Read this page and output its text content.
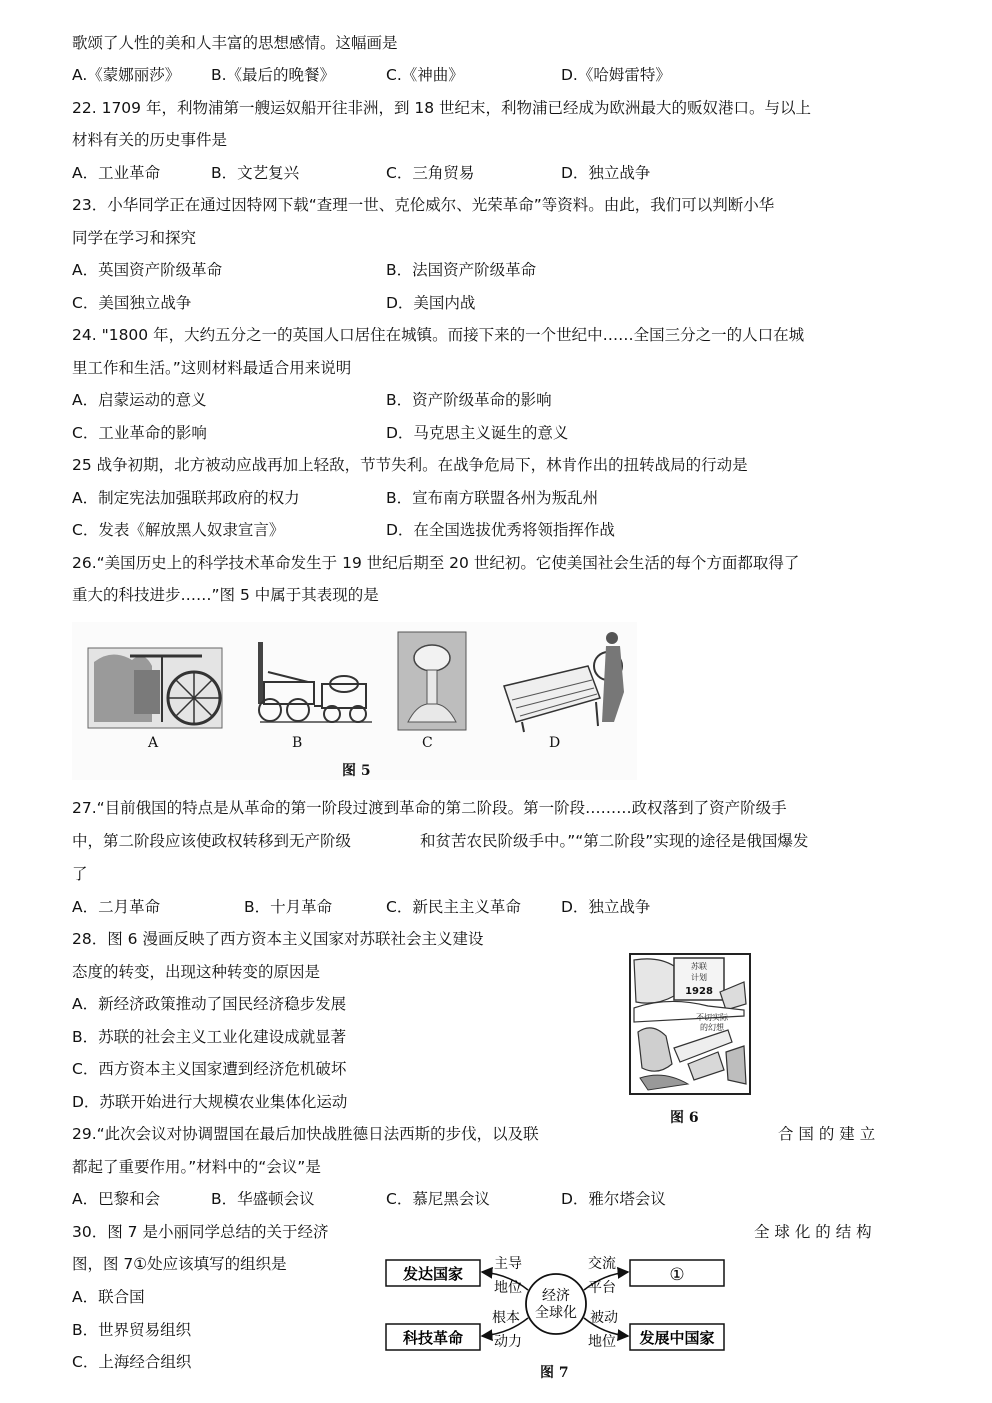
歌颂了人性的美和人丰富的思想感情。这幅画是
A.《蒙娜丽莎》 B.《最后的晚餐》	C.《神曲》	D.《哈姆雷特》
22. 1709 年，利物浦第一艘运奴船开往非洲，到 18 世纪末，利物浦已经成为欧洲最大的贩奴港口。与以上
材料有关的历史事件是
A．工业革命	B．文艺复兴	C．三角贸易	D．独立战争
23．小华同学正在通过因特网下载“查理一世、克伦威尔、光荣革命”等资料。由此，我们可以判断小华
同学在学习和探究
A．英国资产阶级革命	B．法国资产阶级革命
C．美国独立战争	D．美国内战
24. "1800 年，大约五分之一的英国人口居住在城镇。而接下来的一个世纪中……全国三分之一的人口在城
里工作和生活。”这则材料最适合用来说明
A．启蒙运动的意义	B．资产阶级革命的影响
C．工业革命的影响	D．马克思主义诞生的意义
25 战争初期，北方被动应战再加上轻敌，节节失利。在战争危局下，林肯作出的扭转战局的行动是
A．制定宪法加强联邦政府的权力	B．宣布南方联盟各州为叛乱州
C．发表《解放黑人奴隶宣言》	D．在全国选拔优秀将领指挥作战
26.“美国历史上的科学技术革命发生于 19 世纪后期至 20 世纪初。它使美国社会生活的每个方面都取得了
重大的科技进步……”图 5 中属于其表现的是
A	B	C	D
图 5
27.“目前俄国的特点是从革命的第一阶段过渡到革命的第二阶段。第一阶段………政权落到了资产阶级手
中，第二阶段应该使政权转移到无产阶级	和贫苦农民阶级手中。”“第二阶段”实现的途径是俄国爆发
了
A．二月革命	B．十月革命	C．新民主主义革命	D．独立战争
28．图 6 漫画反映了西方资本主义国家对苏联社会主义建设
态度的转变，出现这种转变的原因是
A．新经济政策推动了国民经济稳步发展
B．苏联的社会主义工业化建设成就显著
C．西方资本主义国家遭到经济危机破坏
D．苏联开始进行大规模农业集体化运动
苏联
计划
1928
不切实际
的幻想
图 6
29.“此次会议对协调盟国在最后加快战胜德日法西斯的步伐，以及联	合 国 的 建 立
都起了重要作用。”材料中的“会议”是
A．巴黎和会	B．华盛顿会议	C．慕尼黑会议	D．雅尔塔会议
30．图 7 是小丽同学总结的关于经济	全 球 化 的 结 构
图，图 7①处应该填写的组织是
A．联合国
B．世界贸易组织
C．上海经合组织
发达国家
科技革命
①
发展中国家
经济
全球化
主导
地位
交流
平台
根本
动力
被动
地位
图 7
